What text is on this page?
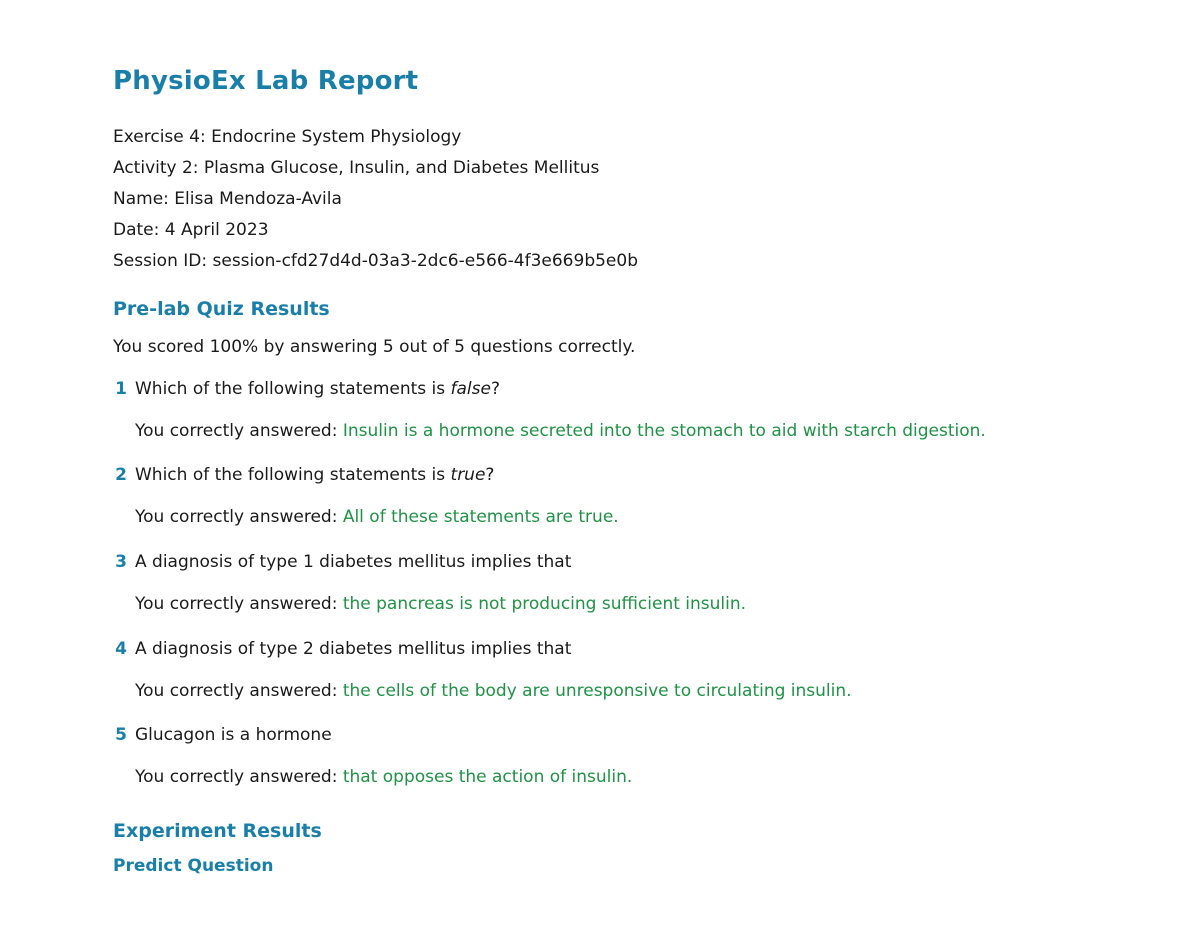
PhysioEx Lab Report
Exercise 4: Endocrine System Physiology
Activity 2: Plasma Glucose, Insulin, and Diabetes Mellitus
Name: Elisa Mendoza-Avila
Date: 4 April 2023
Session ID: session-cfd27d4d-03a3-2dc6-e566-4f3e669b5e0b
Pre-lab Quiz Results
You scored 100% by answering 5 out of 5 questions correctly.
1 Which of the following statements is false?
You correctly answered: Insulin is a hormone secreted into the stomach to aid with starch digestion.
2 Which of the following statements is true?
You correctly answered: All of these statements are true.
3 A diagnosis of type 1 diabetes mellitus implies that
You correctly answered: the pancreas is not producing sufficient insulin.
4 A diagnosis of type 2 diabetes mellitus implies that
You correctly answered: the cells of the body are unresponsive to circulating insulin.
5 Glucagon is a hormone
You correctly answered: that opposes the action of insulin.
Experiment Results
Predict Question
